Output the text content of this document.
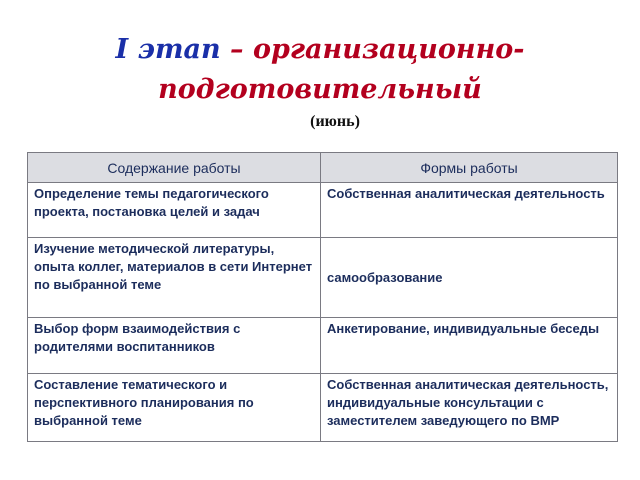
I этап – организационно-
подготовительный
(июнь)
Содержание работы	Формы работы
Определение темы педагогического проекта, постановка целей и задач	Собственная аналитическая деятельность
Изучение методической литературы, опыта коллег, материалов в сети Интернет по выбранной теме	самообразование
Выбор форм взаимодействия с родителями воспитанников	Анкетирование, индивидуальные беседы
Составление тематического и перспективного планирования по выбранной теме	Собственная аналитическая деятельность, индивидуальные консультации с заместителем заведующего по ВМР
